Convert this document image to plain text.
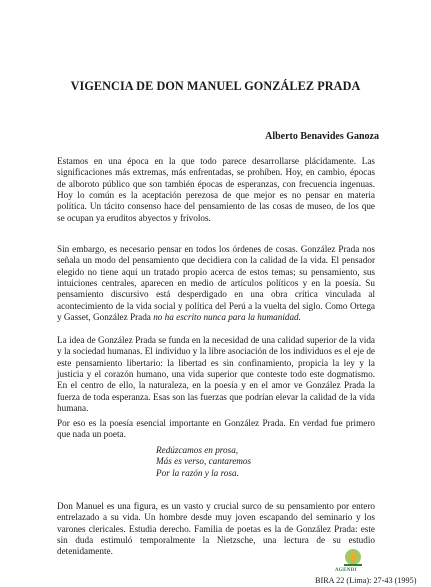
VIGENCIA DE DON MANUEL GONZÁLEZ PRADA
Alberto Benavides Ganoza

Estamos en una época en la que todo parece desarrollarse plácidamente. Las significaciones más extremas, más enfrentadas, se prohíben. Hoy, en cambio, épocas de alboroto público que son también épocas de esperanzas, con frecuencia ingenuas. Hoy lo común es la aceptación perezosa de que mejor es no pensar en materia política. Un tácito consenso hace del pensamiento de las cosas de museo, de los que se ocupan ya eruditos abyectos y frívolos.

Sin embargo, es necesario pensar en todos los órdenes de cosas. González Prada nos señala un modo del pensamiento que decidiera con la calidad de la vida. El pensador elegido no tiene aquí un tratado propio acerca de estos temas; su pensamiento, sus intuiciones centrales, aparecen en medio de artículos políticos y en la poesía. Su pensamiento discursivo está desperdigado en una obra crítica vinculada al acontecimiento de la vida social y política del Perú a la vuelta del siglo. Como Ortega y Gasset, González Prada no ha escrito nunca para la humanidad.

La idea de González Prada se funda en la necesidad de una calidad superior de la vida y la sociedad humanas. El individuo y la libre asociación de los individuos es el eje de este pensamiento libertario: la libertad es sin confinamiento, propicia la ley y la justicia y el corazón humano, una vida superior que conteste todo este dogmatismo. En el centro de ello, la naturaleza, en la poesía y en el amor ve González Prada la fuerza de toda esperanza. Esas son las fuerzas que podrían elevar la calidad de la vida humana.

Por eso es la poesía esencial importante en González Prada. En verdad fue primero que nada un poeta.

Redúzcamos en prosa,
Más es verso, cantaremos
Por la razón y la rosa.

Don Manuel es una figura, es un vasto y crucial surco de su pensamiento por entero entrelazado a su vida. Un hombre desde muy joven escapando del seminario y los varones clericales. Estudia derecho. Familia de poetas es la de González Prada: este sin duda estimuló temporalmente la Nietzsche, una lectura de su estudio detenidamente.

AGENDI
BIRA 22 (Lima): 27-43 (1995)
